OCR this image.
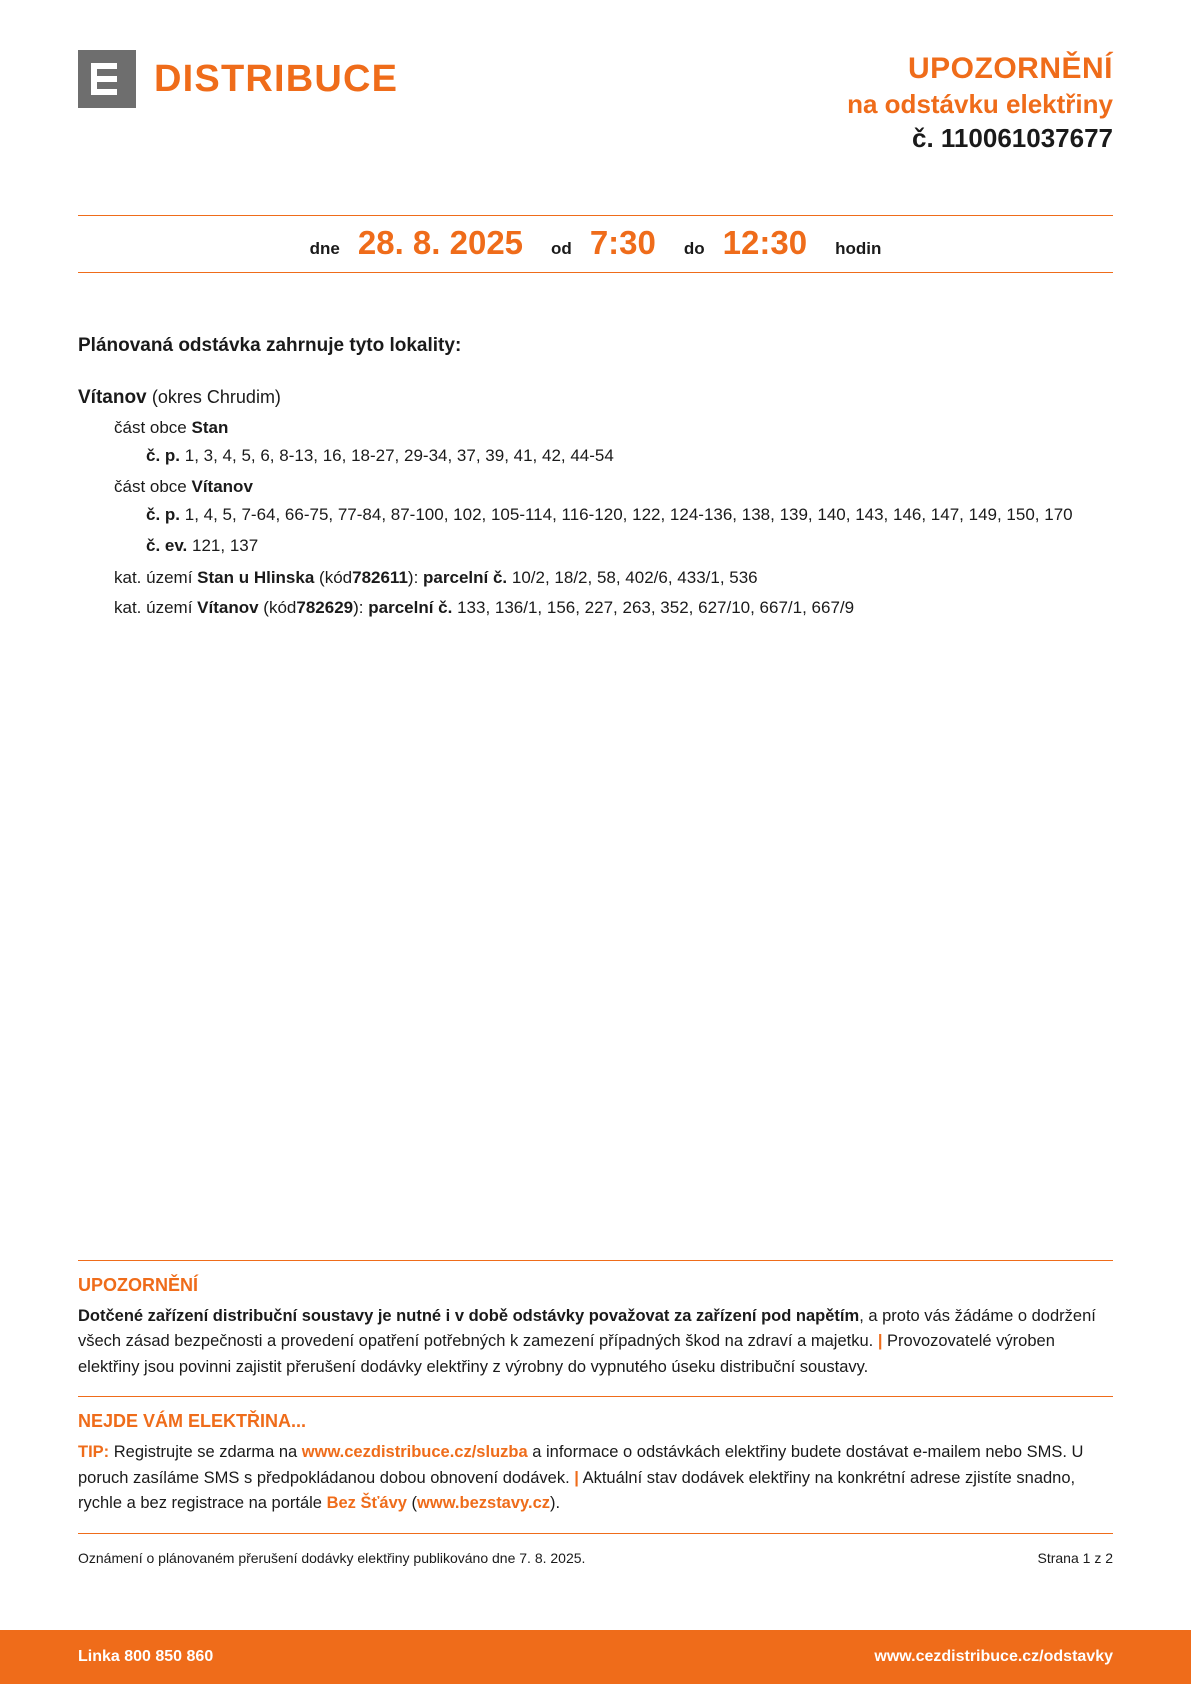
DISTRIBUCE	UPOZORNĚNÍ
na odstávku elektřiny
č. 110061037677
dne 28. 8. 2025 od 7:30 do 12:30 hodin
Plánovaná odstávka zahrnuje tyto lokality:
Vítanov (okres Chrudim)
část obce Stan
č. p. 1, 3, 4, 5, 6, 8-13, 16, 18-27, 29-34, 37, 39, 41, 42, 44-54
část obce Vítanov
č. p. 1, 4, 5, 7-64, 66-75, 77-84, 87-100, 102, 105-114, 116-120, 122, 124-136, 138, 139, 140, 143, 146, 147, 149, 150, 170
č. ev. 121, 137
kat. území Stan u Hlinska (kód782611): parcelní č. 10/2, 18/2, 58, 402/6, 433/1, 536
kat. území Vítanov (kód782629): parcelní č. 133, 136/1, 156, 227, 263, 352, 627/10, 667/1, 667/9
UPOZORNĚNÍ
Dotčené zařízení distribuční soustavy je nutné i v době odstávky považovat za zařízení pod napětím, a proto vás žádáme o dodržení všech zásad bezpečnosti a provedení opatření potřebných k zamezení případných škod na zdraví a majetku. | Provozovatelé výroben elektřiny jsou povinni zajistit přerušení dodávky elektřiny z výrobny do vypnutého úseku distribuční soustavy.
NEJDE VÁM ELEKTŘINA...
TIP: Registrujte se zdarma na www.cezdistribuce.cz/sluzba a informace o odstávkách elektřiny budete dostávat e-mailem nebo SMS. U poruch zasíláme SMS s předpokládanou dobou obnovení dodávek. | Aktuální stav dodávek elektřiny na konkrétní adrese zjistíte snadno, rychle a bez registrace na portále Bez Šťávy (www.bezstavy.cz).
Oznámení o plánovaném přerušení dodávky elektřiny publikováno dne 7. 8. 2025.	Strana 1 z 2
Linka 800 850 860	www.cezdistribuce.cz/odstavky
